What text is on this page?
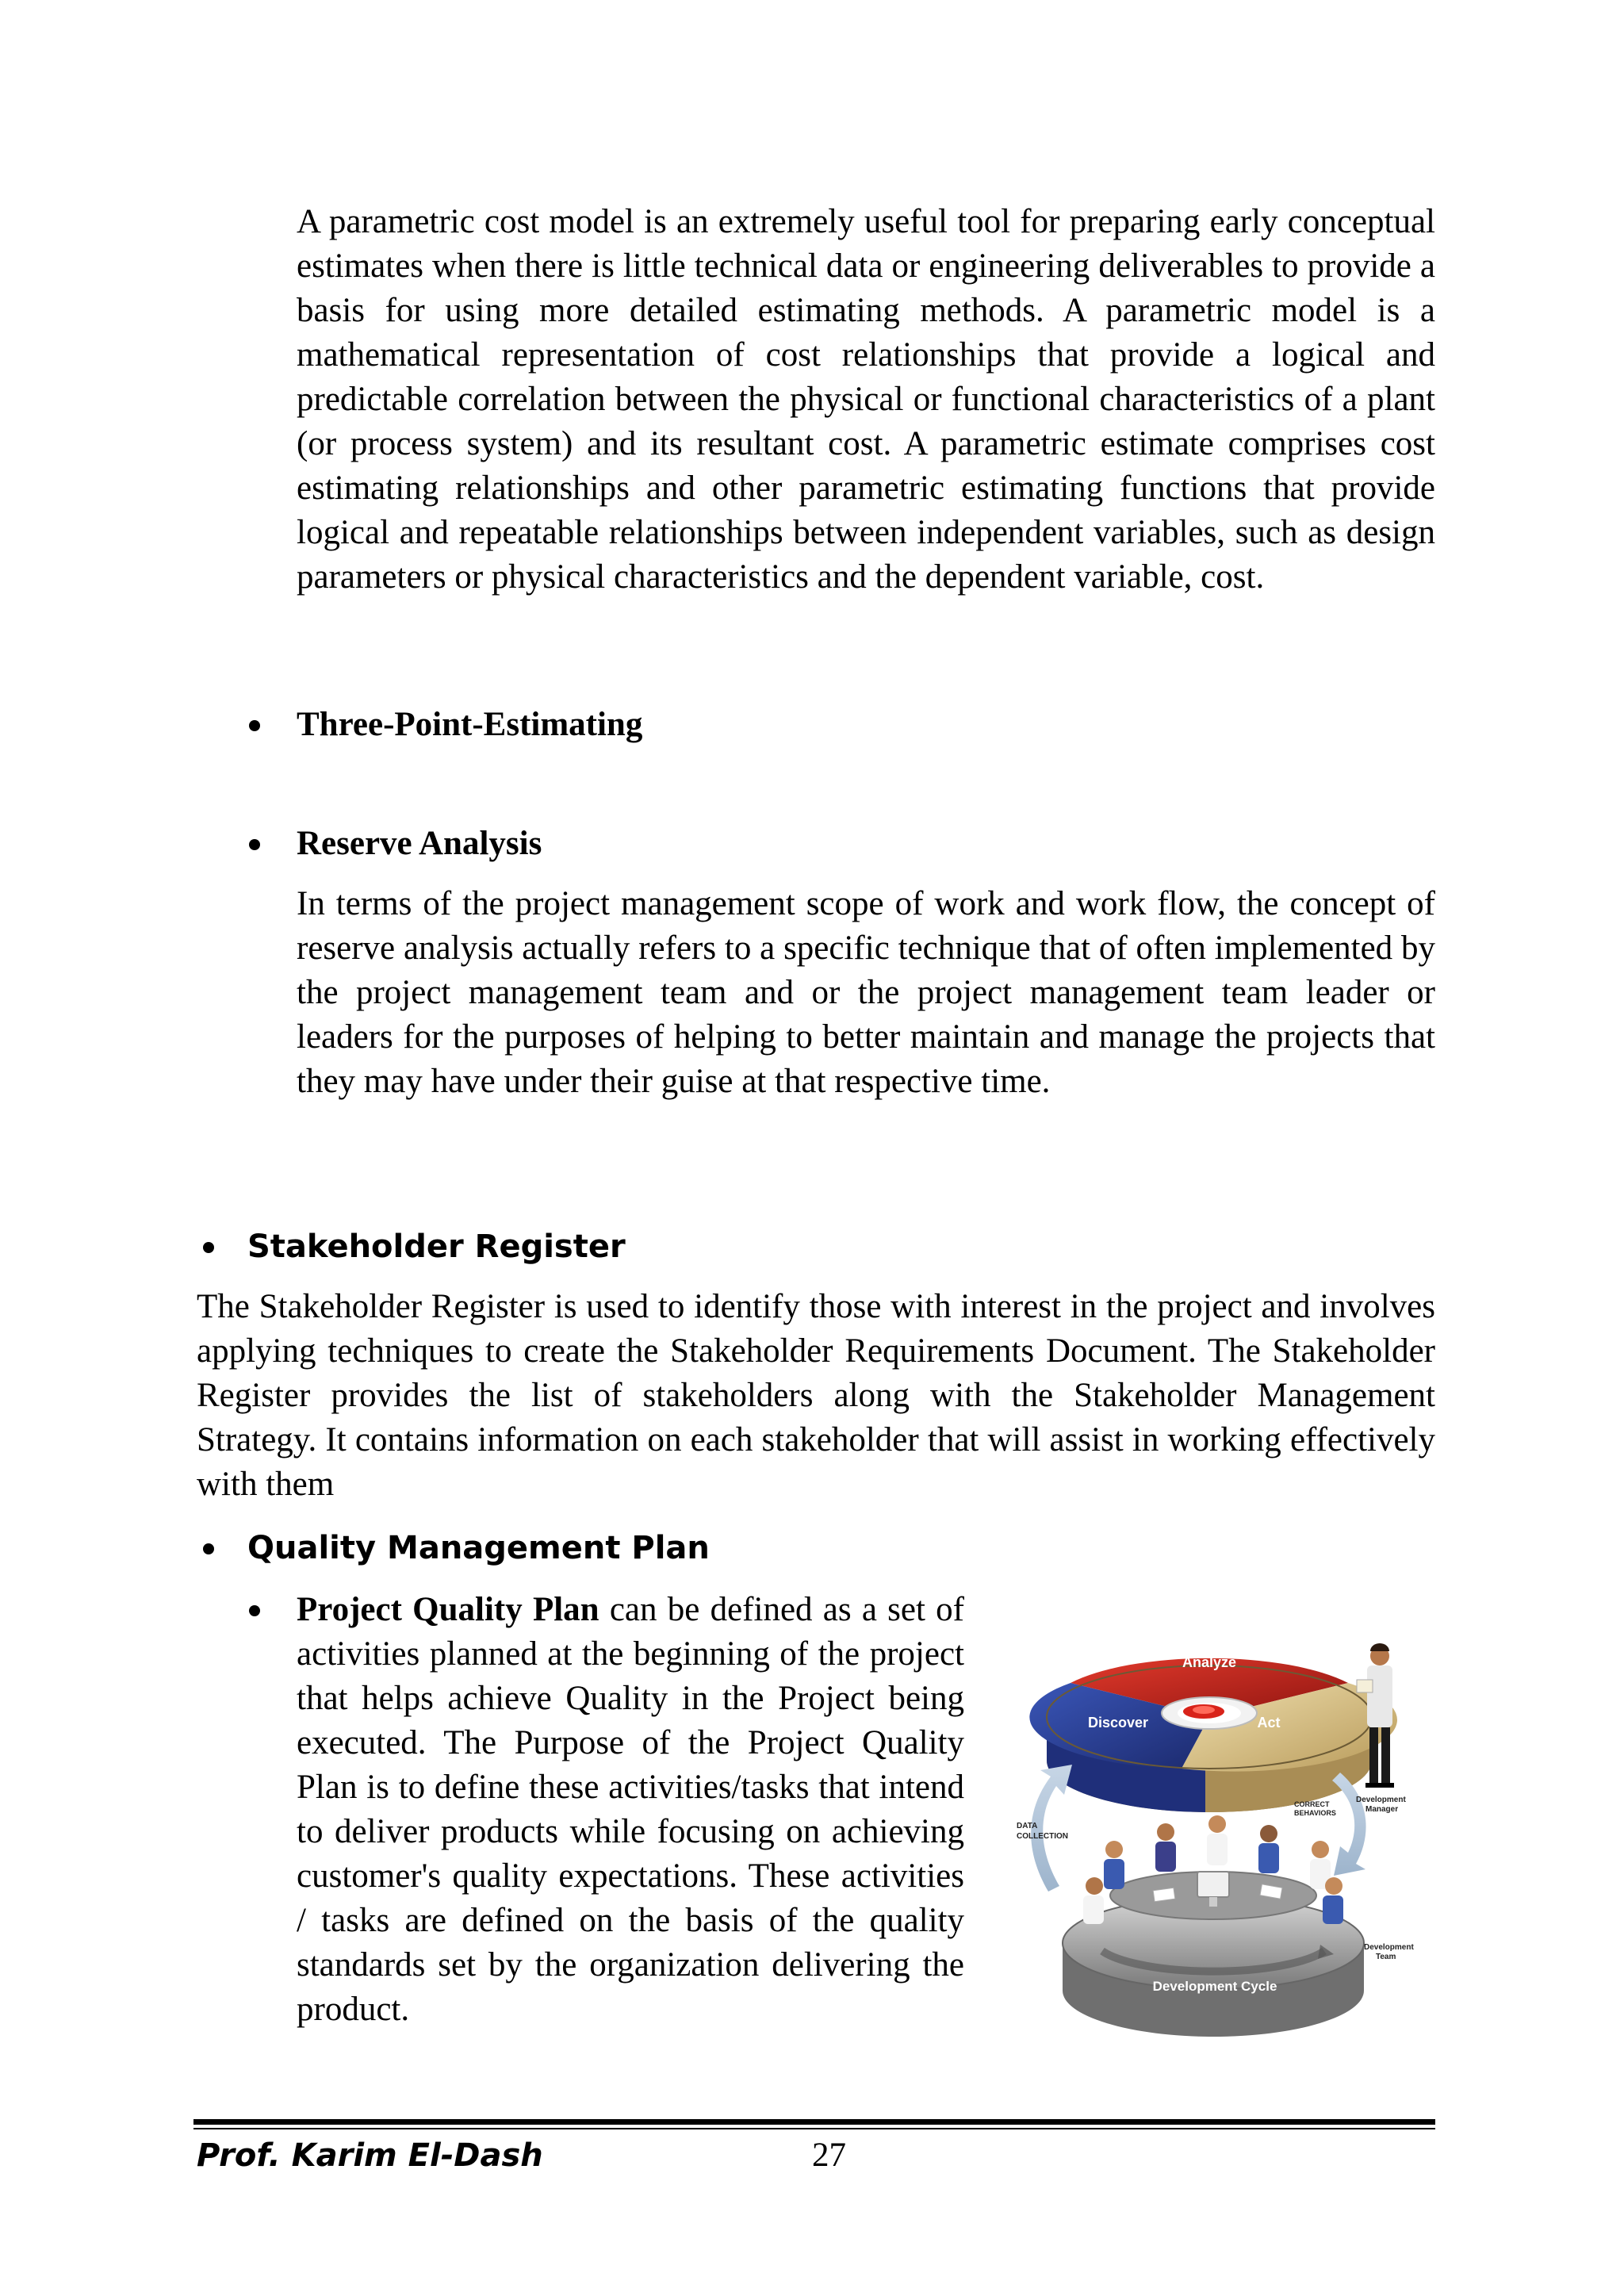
A parametric cost model is an extremely useful tool for preparing early conceptual estimates when there is little technical data or engineering deliverables to provide a basis for using more detailed estimating methods. A parametric model is a mathematical representation of cost relationships that provide a logical and predictable correlation between the physical or functional characteristics of a plant (or process system) and its resultant cost. A parametric estimate comprises cost estimating relationships and other parametric estimating functions that provide logical and repeatable relationships between independent variables, such as design parameters or physical characteristics and the dependent variable, cost.
Three-Point-Estimating
Reserve Analysis
In terms of the project management scope of work and work flow, the concept of reserve analysis actually refers to a specific technique that of often implemented by the project management team and or the project management team leader or leaders for the purposes of helping to better maintain and manage the projects that they may have under their guise at that respective time.
Stakeholder Register
The Stakeholder Register is used to identify those with interest in the project and involves applying techniques to create the Stakeholder Requirements Document. The Stakeholder Register provides the list of stakeholders along with the Stakeholder Management Strategy. It contains information on each stakeholder that will assist in working effectively with them
Quality Management Plan
Project Quality Plan can be defined as a set of activities planned at the beginning of the project that helps achieve Quality in the Project being executed. The Purpose of the Project Quality Plan is to define these activities/tasks that intend to deliver products while focusing on achieving customer's quality expectations. These activities / tasks are defined on the basis of the quality standards set by the organization delivering the product.
Analyze
Discover	Act
DATA
COLLECTION
CORRECT
BEHAVIORS
Development
Manager
Development Cycle
Development
Team
Prof. Karim El-Dash	27
